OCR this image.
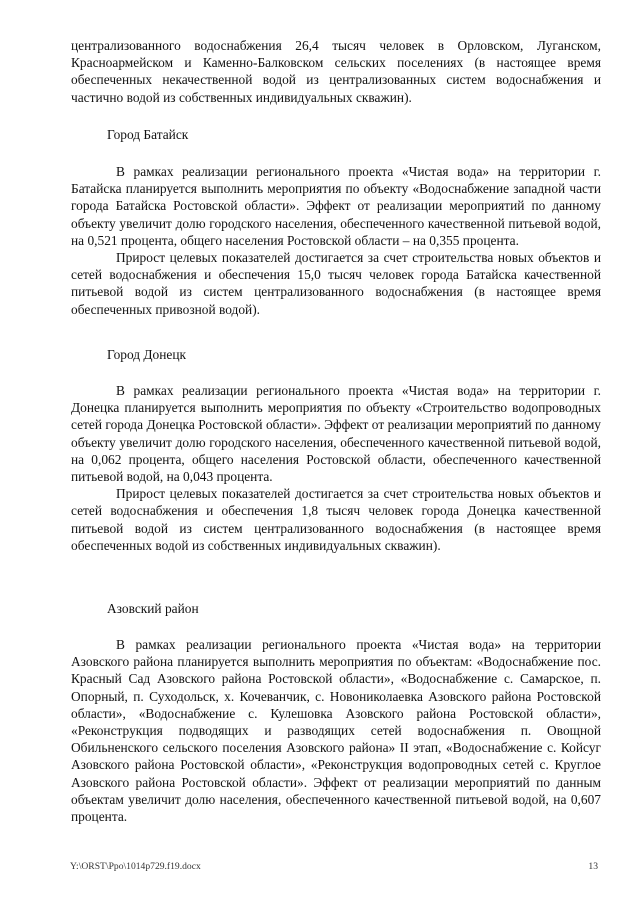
централизованного водоснабжения 26,4 тысяч человек в Орловском, Луганском, Красноармейском и Каменно-Балковском сельских поселениях (в настоящее время обеспеченных некачественной водой из централизованных систем водоснабжения и частично водой из собственных индивидуальных скважин).

Город Батайск

В рамках реализации регионального проекта «Чистая вода» на территории г. Батайска планируется выполнить мероприятия по объекту «Водоснабжение западной части города Батайска Ростовской области». Эффект от реализации мероприятий по данному объекту увеличит долю городского населения, обеспеченного качественной питьевой водой, на 0,521 процента, общего населения Ростовской области – на 0,355 процента.

Прирост целевых показателей достигается за счет строительства новых объектов и сетей водоснабжения и обеспечения 15,0 тысяч человек города Батайска качественной питьевой водой из систем централизованного водоснабжения (в настоящее время обеспеченных привозной водой).

Город Донецк

В рамках реализации регионального проекта «Чистая вода» на территории г. Донецка планируется выполнить мероприятия по объекту «Строительство водопроводных сетей города Донецка Ростовской области». Эффект от реализации мероприятий по данному объекту увеличит долю городского населения, обеспеченного качественной питьевой водой, на 0,062 процента, общего населения Ростовской области, обеспеченного качественной питьевой водой, на 0,043 процента.

Прирост целевых показателей достигается за счет строительства новых объектов и сетей водоснабжения и обеспечения 1,8 тысяч человек города Донецка качественной питьевой водой из систем централизованного водоснабжения (в настоящее время обеспеченных водой из собственных индивидуальных скважин).

Азовский район

В рамках реализации регионального проекта «Чистая вода» на территории Азовского района планируется выполнить мероприятия по объектам: «Водоснабжение пос. Красный Сад Азовского района Ростовской области», «Водоснабжение с. Самарское, п. Опорный, п. Суходольск, х. Кочеванчик, с. Новониколаевка Азовского района Ростовской области», «Водоснабжение с. Кулешовка Азовского района Ростовской области», «Реконструкция подводящих и разводящих сетей водоснабжения п. Овощной Обильненского сельского поселения Азовского района» II этап, «Водоснабжение с. Койсуг Азовского района Ростовской области», «Реконструкция водопроводных сетей с. Круглое Азовского района Ростовской области». Эффект от реализации мероприятий по данным объектам увеличит долю населения, обеспеченного качественной питьевой водой, на 0,607 процента.

Y:\ORST\Ppo\1014p729.f19.docx	13
